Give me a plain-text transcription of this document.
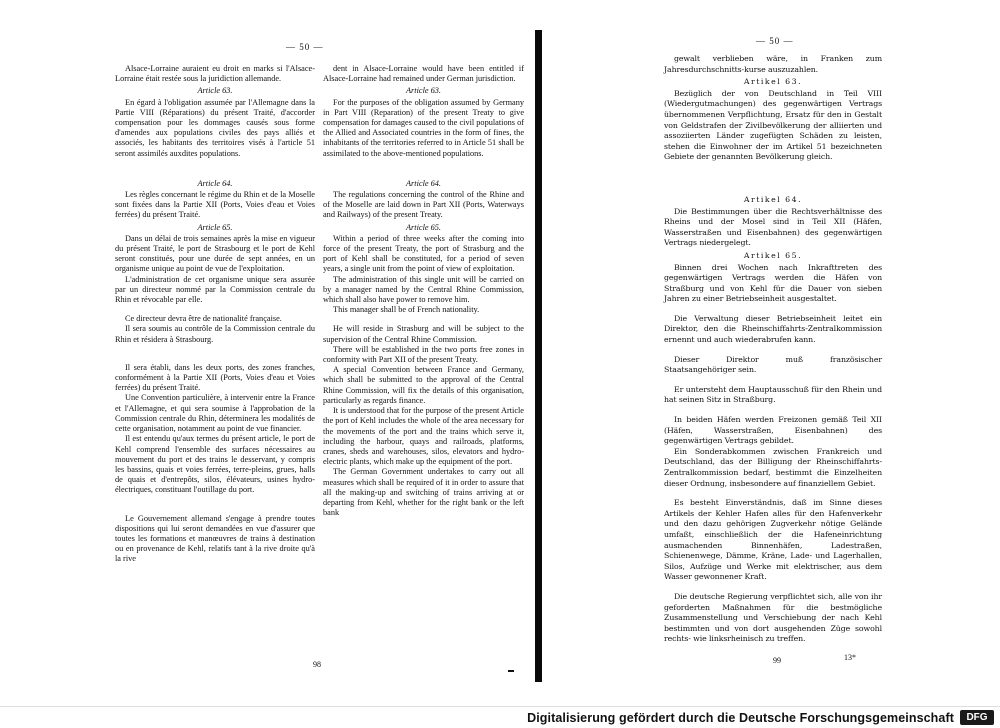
— 50 —

Alsace-Lorraine auraient eu droit en marks si l'Alsace-Lorraine était restée sous la juridiction allemande.

Article 63.

En égard à l'obligation assumée par l'Allemagne dans la Partie VIII (Réparations) du présent Traité, d'accorder compensation pour les dommages causés sous forme d'amendes aux populations civiles des pays alliés et associés, les habitants des territoires visés à l'article 51 seront assimilés auxdites populations.

Article 64.

Les règles concernant le régime du Rhin et de la Moselle sont fixées dans la Partie XII (Ports, Voies d'eau et Voies ferrées) du présent Traité.

Article 65.

Dans un délai de trois semaines après la mise en vigueur du présent Traité, le port de Strasbourg et le port de Kehl seront constitués, pour une durée de sept années, en un organisme unique au point de vue de l'exploitation.

L'administration de cet organisme unique sera assurée par un directeur nommé par la Commission centrale du Rhin et révocable par elle.

Ce directeur devra être de nationalité française.

Il sera soumis au contrôle de la Commission centrale du Rhin et résidera à Strasbourg.

Il sera établi, dans les deux ports, des zones franches, conformément à la Partie XII (Ports, Voies d'eau et Voies ferrées) du présent Traité.

Une Convention particulière, à intervenir entre la France et l'Allemagne, et qui sera soumise à l'approbation de la Commission centrale du Rhin, déterminera les modalités de cette organisation, notamment au point de vue financier.

Il est entendu qu'aux termes du présent article, le port de Kehl comprend l'ensemble des surfaces nécessaires au mouvement du port et des trains le desservant, y compris les bassins, quais et voies ferrées, terre-pleins, grues, halls de quais et d'entrepôts, silos, élévateurs, usines hydro-électriques, constituant l'outillage du port.

Le Gouvernement allemand s'engage à prendre toutes dispositions qui lui seront demandées en vue d'assurer que toutes les formations et manœuvres de trains à destination ou en provenance de Kehl, relatifs tant à la rive droite qu'à la rive

dent in Alsace-Lorraine would have been entitled if Alsace-Lorraine had remained under German jurisdiction.

Article 63.

For the purposes of the obligation assumed by Germany in Part VIII (Reparation) of the present Treaty to give compensation for damages caused to the civil populations of the Allied and Associated countries in the form of fines, the inhabitants of the territories referred to in Article 51 shall be assimilated to the above-mentioned populations.

Article 64.

The regulations concerning the control of the Rhine and of the Moselle are laid down in Part XII (Ports, Waterways and Railways) of the present Treaty.

Article 65.

Within a period of three weeks after the coming into force of the present Treaty, the port of Strasburg and the port of Kehl shall be constituted, for a period of seven years, a single unit from the point of view of exploitation.

The administration of this single unit will be carried on by a manager named by the Central Rhine Commission, which shall also have power to remove him.

This manager shall be of French nationality.

He will reside in Strasburg and will be subject to the supervision of the Central Rhine Commission.

There will be established in the two ports free zones in conformity with Part XII of the present Treaty.

A special Convention between France and Germany, which shall be submitted to the approval of the Central Rhine Commission, will fix the details of this organisation, particularly as regards finance.

It is understood that for the purpose of the present Article the port of Kehl includes the whole of the area necessary for the movements of the port and the trains which serve it, including the harbour, quays and railroads, platforms, cranes, sheds and warehouses, silos, elevators and hydro-electric plants, which make up the equipment of the port.

The German Government undertakes to carry out all measures which shall be required of it in order to assure that all the making-up and switching of trains arriving at or departing from Kehl, whether for the right bank or the left bank

98
— 50 —

gewalt verblieben wäre, in Franken zum Jahresdurchschnitts-kurse auszuzahlen.

Artikel 63.

Bezüglich der von Deutschland in Teil VIII (Wiedergutmachungen) des gegenwärtigen Vertrags übernommenen Verpflichtung, Ersatz für den in Gestalt von Geldstrafen der Zivilbevölkerung der alliierten und assoziierten Länder zugefügten Schäden zu leisten, stehen die Einwohner der im Artikel 51 bezeichneten Gebiete der genannten Bevölkerung gleich.

Artikel 64.

Die Bestimmungen über die Rechtsverhältnisse des Rheins und der Mosel sind in Teil XII (Häfen, Wasserstraßen und Eisenbahnen) des gegenwärtigen Vertrags niedergelegt.

Artikel 65.

Binnen drei Wochen nach Inkrafttreten des gegenwärtigen Vertrags werden die Häfen von Straßburg und von Kehl für die Dauer von sieben Jahren zu einer Betriebseinheit ausgestaltet.

Die Verwaltung dieser Betriebseinheit leitet ein Direktor, den die Rheinschiffahrts-Zentralkommission ernennt und auch wiederabrufen kann.

Dieser Direktor muß französischer Staatsangehöriger sein.

Er untersteht dem Hauptausschuß für den Rhein und hat seinen Sitz in Straßburg.

In beiden Häfen werden Freizonen gemäß Teil XII (Häfen, Wasserstraßen, Eisenbahnen) des gegenwärtigen Vertrags gebildet.

Ein Sonderabkommen zwischen Frankreich und Deutschland, das der Billigung der Rheinschiffahrts-Zentralkommission bedarf, bestimmt die Einzelheiten dieser Ordnung, insbesondere auf finanziellem Gebiet.

Es besteht Einverständnis, daß im Sinne dieses Artikels der Kehler Hafen alles für den Hafenverkehr und den dazu gehörigen Zugverkehr nötige Gelände umfaßt, einschließlich der die Hafeneinrichtung ausmachenden Binnenhäfen, Ladestraßen, Schienenwege, Dämme, Kräne, Lade- und Lagerhallen, Silos, Aufzüge und Werke mit elektrischer, aus dem Wasser gewonnener Kraft.

Die deutsche Regierung verpflichtet sich, alle von ihr geforderten Maßnahmen für die bestmögliche Zusammenstellung und Verschiebung der nach Kehl bestimmten und von dort ausgehenden Züge sowohl rechts- wie linksrheinisch zu treffen.

99	13*
Digitalisierung gefördert durch die Deutsche Forschungsgemeinschaft	DFG
